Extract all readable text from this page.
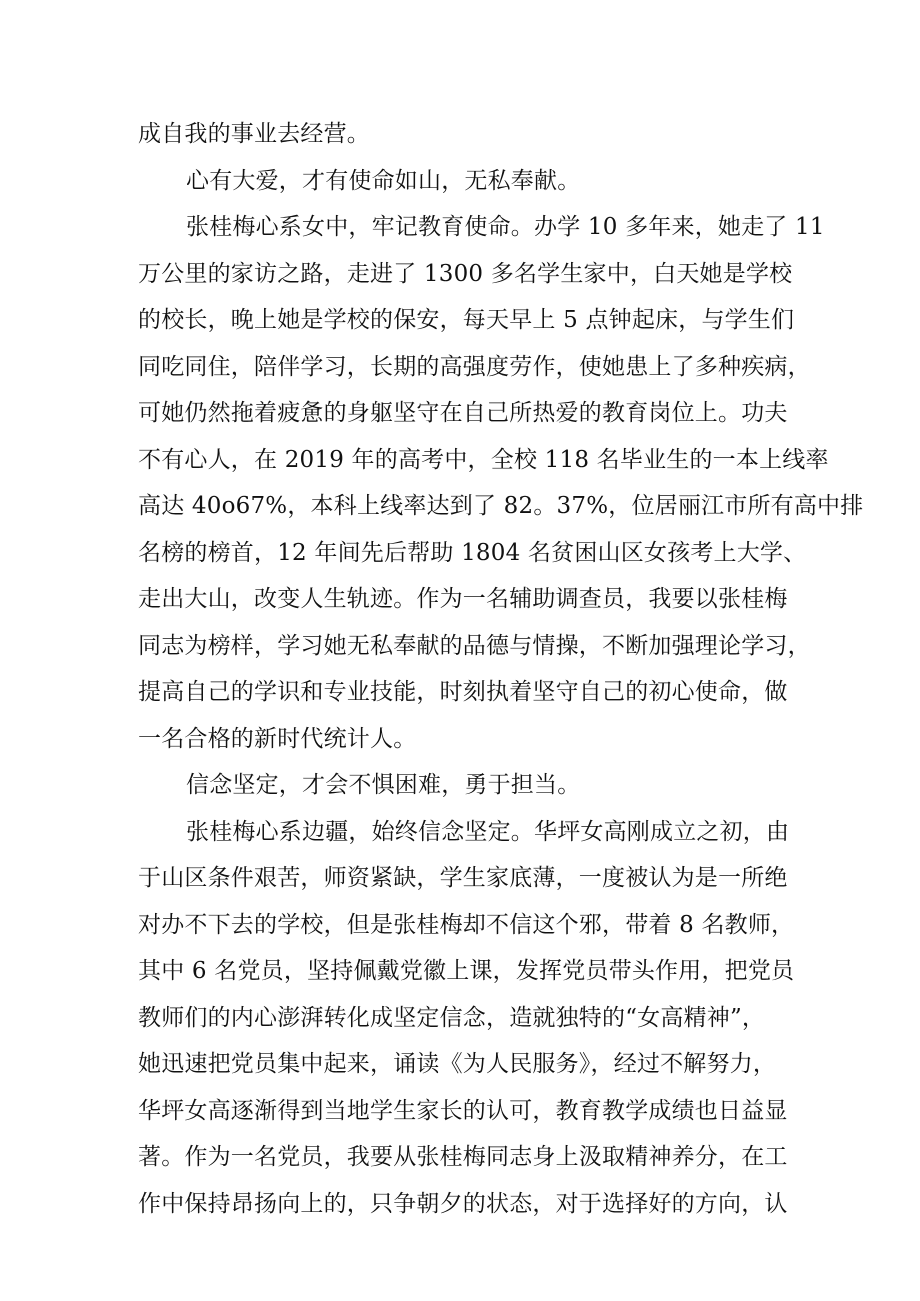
成自我的事业去经营。

心有大爱，才有使命如山，无私奉献。

张桂梅心系女中，牢记教育使命。办学 10 多年来，她走了 11
万公里的家访之路，走进了 1300 多名学生家中，白天她是学校
的校长，晚上她是学校的保安，每天早上 5 点钟起床，与学生们
同吃同住，陪伴学习，长期的高强度劳作，使她患上了多种疾病，
可她仍然拖着疲惫的身躯坚守在自己所热爱的教育岗位上。功夫
不有心人，在 2019 年的高考中，全校 118 名毕业生的一本上线率
高达 40o67%，本科上线率达到了 82。37%，位居丽江市所有高中排
名榜的榜首，12 年间先后帮助 1804 名贫困山区女孩考上大学、
走出大山，改变人生轨迹。作为一名辅助调查员，我要以张桂梅
同志为榜样，学习她无私奉献的品德与情操，不断加强理论学习，
提高自己的学识和专业技能，时刻执着坚守自己的初心使命，做
一名合格的新时代统计人。

信念坚定，才会不惧困难，勇于担当。

张桂梅心系边疆，始终信念坚定。华坪女高刚成立之初，由
于山区条件艰苦，师资紧缺，学生家底薄，一度被认为是一所绝
对办不下去的学校，但是张桂梅却不信这个邪，带着 8 名教师，
其中 6 名党员，坚持佩戴党徽上课，发挥党员带头作用，把党员
教师们的内心澎湃转化成坚定信念，造就独特的“女高精神”，
她迅速把党员集中起来，诵读《为人民服务》，经过不解努力，
华坪女高逐渐得到当地学生家长的认可，教育教学成绩也日益显
著。作为一名党员，我要从张桂梅同志身上汲取精神养分，在工
作中保持昂扬向上的，只争朝夕的状态，对于选择好的方向，认
